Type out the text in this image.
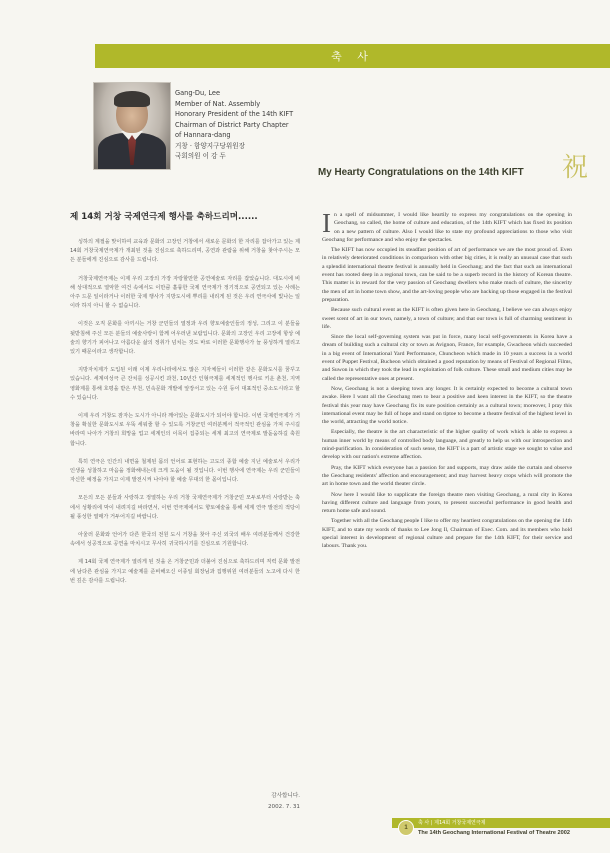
축 사
Gang-Du, Lee
Member of Nat. Assembly
Honorary President of the 14th KIFT
Chairman of District Party Chapter
of Hannara-dang
거창 · 함양지구당위원장
국회의원 이 강 두
My Hearty Congratulations on the 14th KIFT 祝
제 14회 거창 국제연극제 행사를 축하드리며......

싱하의 계절을 맞이하여 교육과 문화의 고장인 거창에서 새로운 문화의 한 자리를 잡아가고 있는 제 14회 거창국제연극제가 개최된 것을 진심으로 축하드리며, 공연과 관람을 위해 거창을 찾아주시는 모든 분들에게 진심으로 감사를 드립니다.

거창국제연극제는 이제 우리 고장의 가장 자랑할만한 공연예술로 자리를 잡았습니다. 대도시에 비해 상대적으로 열악한 여건 속에서도 이만큼 훌륭한 국제 연극제가 정기적으로 공연되고 있는 사례는 아주 드문 일이라거나 이러한 국제 행사가 지방도시에 뿌리를 내리게 된 것은 우리 연극사에 빛나는 일이라 하지 아니 할 수 없습니다.

이것은 오직 문화를 아끼시는 거창 군민들의 열정과 우리 향토예술인들의 정성, 그리고 이 분들을 뒷받침해 주신 모든 분들의 예술사랑이 함께 어우러낸 보람입니다. 문화의 고장인 우리 고장에 항상 예술의 향기가 피어나고 아름다운 삶의 정취가 넘치는 것도 바로 이러한 문화행사가 늘 풍성하게 열리고 있기 때문이라고 생각합니다.

지방자치제가 도입된 이래 이제 우리나라에서도 많은 지자체들이 이러한 같은 문화도시를 꿈꾸고 있습니다. 세계여성극 큰 잔치를 성공시킨 과천, 10년간 인형극제를 세계적인 행사로 키운 춘천, 지역영화제를 통해 호평을 받은 부천, 민속문화 개발에 앞장서고 있는 수원 등이 대표적인 중소도시라고 할 수 있습니다.

이제 우리 거창도 잠자는 도시가 아니라 깨어있는 문화도시가 되어야 합니다. 이번 국제연극제가 거창을 확실한 문화도시로 우뚝 세워줄 할 수 있도록 거창군민 여러분께서 적극적인 관심을 가져 주시길 바라며 나아가 거창의 희망을 업고 세계인의 이목이 집중되는 세계 최고의 연극제로 발돋움하길 축원합니다.

특히 연극은 인간의 내면을 철제된 몸의 언어로 표현하는 고도의 종합 예술 지닌 예술로서 우리가 인생을 성찰하고 마음을 정화해내는데 크게 도움이 될 것입니다. 이번 행사에 연극제는 우리 군민들이 자신한 예정을 가지고 이제 발전시켜 나아야 할 예술 무대의 한 몫이입니다.

모든의 모든 분들과 사랑하고 정열하는 우리 거창 국제연극제가 거창군민 모두로부터 사랑받는 축에서 성황리에 막이 내려지길 바라면서, 이번 연극제에서도 향토예술을 통해 세계 연극 발전의 적당이 될 풍성한 열매가 거두어지길 바랍니다.

아울러 문화와 언어가 다른 한국의 전원 도시 거창을 찾아 주신 외국의 배우 여러분들께서 건강한 속에서 성공적으로 공연을 마치시고 무사히 귀국하시기를 진심으로 기원합니다.

제 14회 국제 연극제가 열리게 된 것을 온 거창군민과 더불어 진심으로 축하드리며 직력 문화 발전에 남다른 관심을 가지고 예술제를 준비해오신 이종일 회장님과 집행위원 여러분들의 노고에 다시 한번 깊은 감사를 드립니다.

감사합니다.
2002. 7. 31

In a spell of midsummer, I would like heartily to express my congratulations on the opening in Geochang, so called, the home of culture and education, of the 14th KIFT which has fixed its position on a new pattern of culture. Also I would like to state my profound appreciations to those who visit Geochang for performance and who enjoy the spectacles.

The KIFT has now occupied its steadfast position of art of performance we are the most proud of. Even in relatively deteriorated conditions in comparison with other big cities, it is really an unusual case that such a splendid international theatre festival is annually held in Geochang; and the fact that such an international event has rooted deep in a regional town, can be said to be a superb record in the history of Korean theatre. This matter is in reward for the very passion of Geochang dwellers who make much of culture, the sincerity the men of art in home town show, and the art-loving people who are backing up those engaged in the festival preparation.

Because such cultural event as the KIFT is often given here in Geochang, I believe we can always enjoy sweet scent of art in our town, namely, a town of culture; and that our town is full of charming sentiment in life.

Since the local self-governing system was put in force, many local self-governments in Korea have a dream of building such a cultural city or town as Avignon, France, for example, Gwacheon which succeeded in a big event of International Yard Performance, Chuncheon which made in 10 years a success in a world event of Puppet Festival, Bucheon which obtained a good reputation by means of Festival of Regional Films, and Suwon in which they took the lead in exploitation of folk culture. These small and medium cities may be called the representative ones at present.

Now, Geochang is not a sleeping town any longer. It is certainly expected to become a cultural town awake. Here I want all the Geochang men to bear a positive and keen interest in the KIFT, so the theatre festival this year may have Geochang fix its sure position certainly as a cultural town; moreover, I pray this international event may be full of hope and stand on tiptoe to become a theatre festival of the highest level in the world, attracting the world notice.

Especially, the theatre is the art characteristic of the higher quality of work which is able to express a human inner world by means of controlled body language, and greatly to help us with our introspection and mind-purification. In consideration of such sense, the KIFT is a part of artistic stage we sought to value and develop with our nation's extreme affection.

Pray, the KIFT which everyone has a passion for and supports, may draw aside the curtain and observe the Geochang residents' affection and encouragement; and may harvest heavy crops which will promote the art in home town and the world theater circle.

Now here I would like to supplicate the foreign theatre men visiting Geochang, a rural city in Korea having different culture and language from yours, to present successful performance in good health and return home safe and sound.

Together with all the Geochang people I like to offer my heartiest congratulations on the opening the 14th KIFT, and to state my words of thanks to Lee Jong Il, Chairman of Exec. Com. and its members who hold special interest in development of regional culture and prepare for the 14th KIFT, for their service and labours. Thank you.

축 사 | 제14회 거창국제연극제
1
The 14th Geochang International Festival of Theatre 2002
